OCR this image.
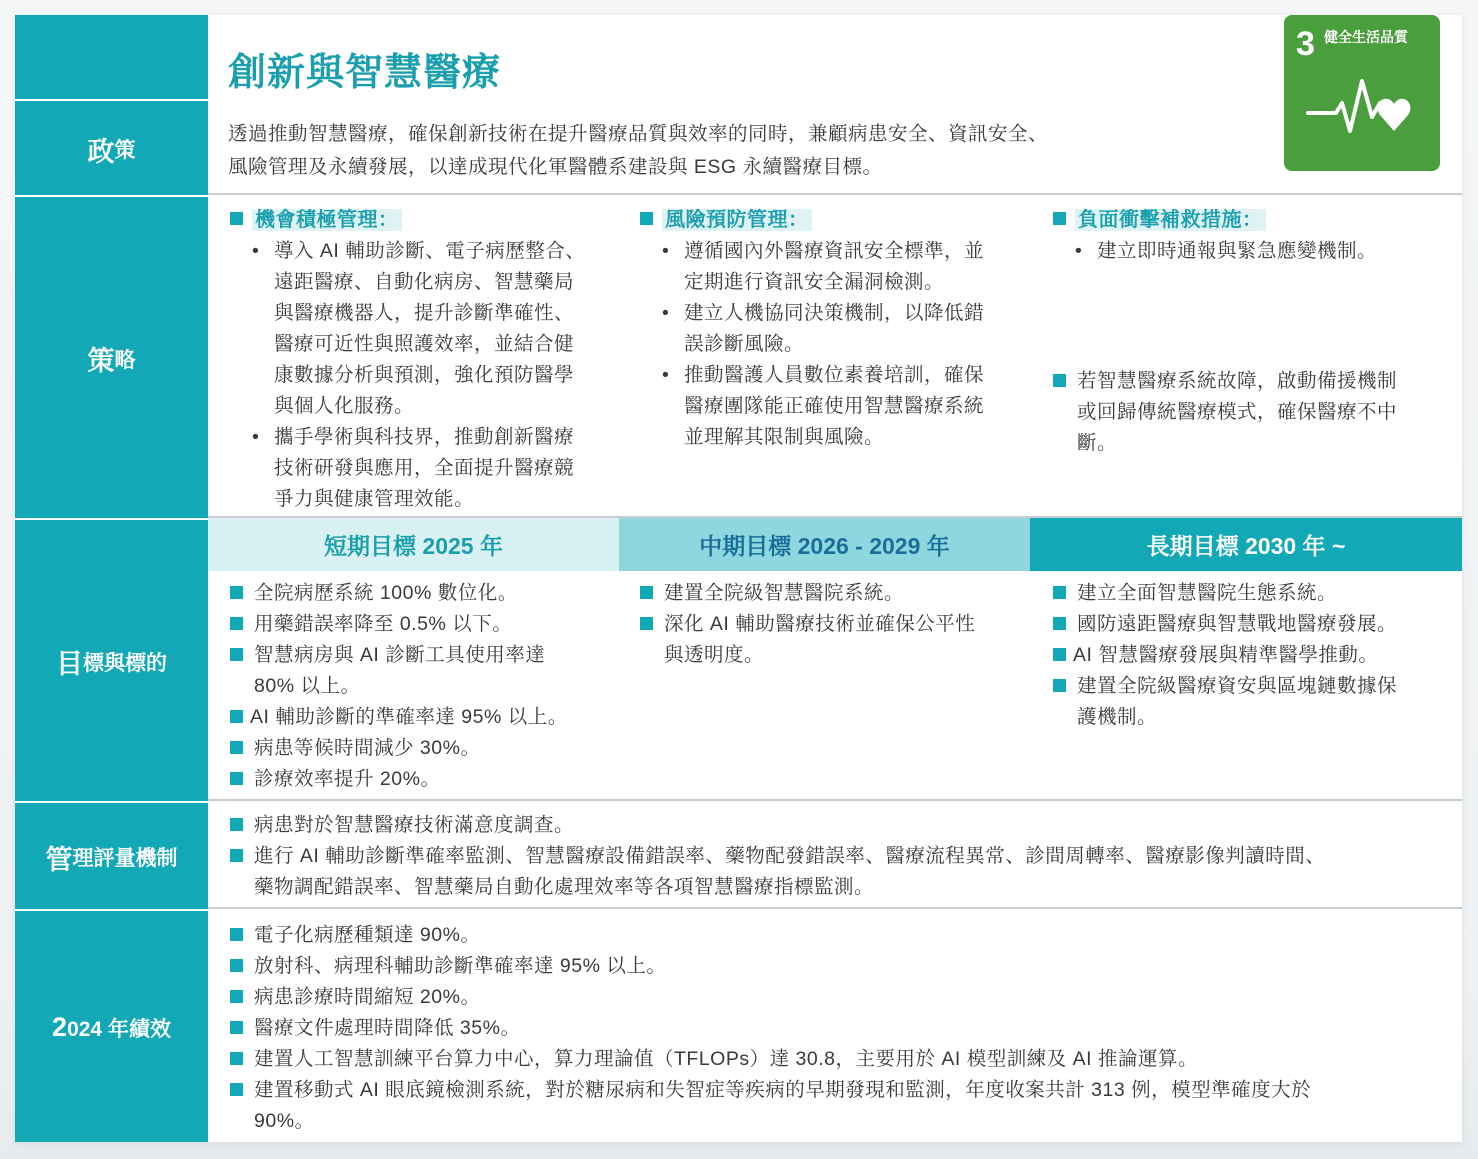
政 策
策 略
目 標與標的
管 理評量機制
2 024 年績效
創新與智慧醫療
透過推動智慧醫療，確保創新技術在提升醫療品質與效率的同時，兼顧病患安全、資訊安全、
風險管理及永續發展，以達成現代化軍醫體系建設與 ESG 永續醫療目標。
3 健全生活品質
機會積極管理：
• 導入 AI 輔助診斷、電子病歷整合、
遠距醫療、自動化病房、智慧藥局
與醫療機器人，提升診斷準確性、
醫療可近性與照護效率，並結合健
康數據分析與預測，強化預防醫學
與個人化服務。
• 攜手學術與科技界，推動創新醫療
技術研發與應用，全面提升醫療競
爭力與健康管理效能。
風險預防管理：
• 遵循國內外醫療資訊安全標準，並
定期進行資訊安全漏洞檢測。
• 建立人機協同決策機制，以降低錯
誤診斷風險。
• 推動醫護人員數位素養培訓，確保
醫療團隊能正確使用智慧醫療系統
並理解其限制與風險。
負面衝擊補救措施：
• 建立即時通報與緊急應變機制。
若智慧醫療系統故障，啟動備援機制
或回歸傳統醫療模式，確保醫療不中
斷。
短期目標 2025 年	中期目標 2026 - 2029 年	長期目標 2030 年 ~
全院病歷系統 100% 數位化。
用藥錯誤率降至 0.5% 以下。
智慧病房與 AI 診斷工具使用率達
80% 以上。
AI 輔助診斷的準確率達 95% 以上。
病患等候時間減少 30%。
診療效率提升 20%。
建置全院級智慧醫院系統。
深化 AI 輔助醫療技術並確保公平性
與透明度。
建立全面智慧醫院生態系統。
國防遠距醫療與智慧戰地醫療發展。
AI 智慧醫療發展與精準醫學推動。
建置全院級醫療資安與區塊鏈數據保
護機制。
病患對於智慧醫療技術滿意度調查。
進行 AI 輔助診斷準確率監測、智慧醫療設備錯誤率、藥物配發錯誤率、醫療流程異常、診間周轉率、醫療影像判讀時間、
藥物調配錯誤率、智慧藥局自動化處理效率等各項智慧醫療指標監測。
電子化病歷種類達 90%。
放射科、病理科輔助診斷準確率達 95% 以上。
病患診療時間縮短 20%。
醫療文件處理時間降低 35%。
建置人工智慧訓練平台算力中心，算力理論值（TFLOPs）達 30.8，主要用於 AI 模型訓練及 AI 推論運算。
建置移動式 AI 眼底鏡檢測系統，對於糖尿病和失智症等疾病的早期發現和監測，年度收案共計 313 例，模型準確度大於
90%。
